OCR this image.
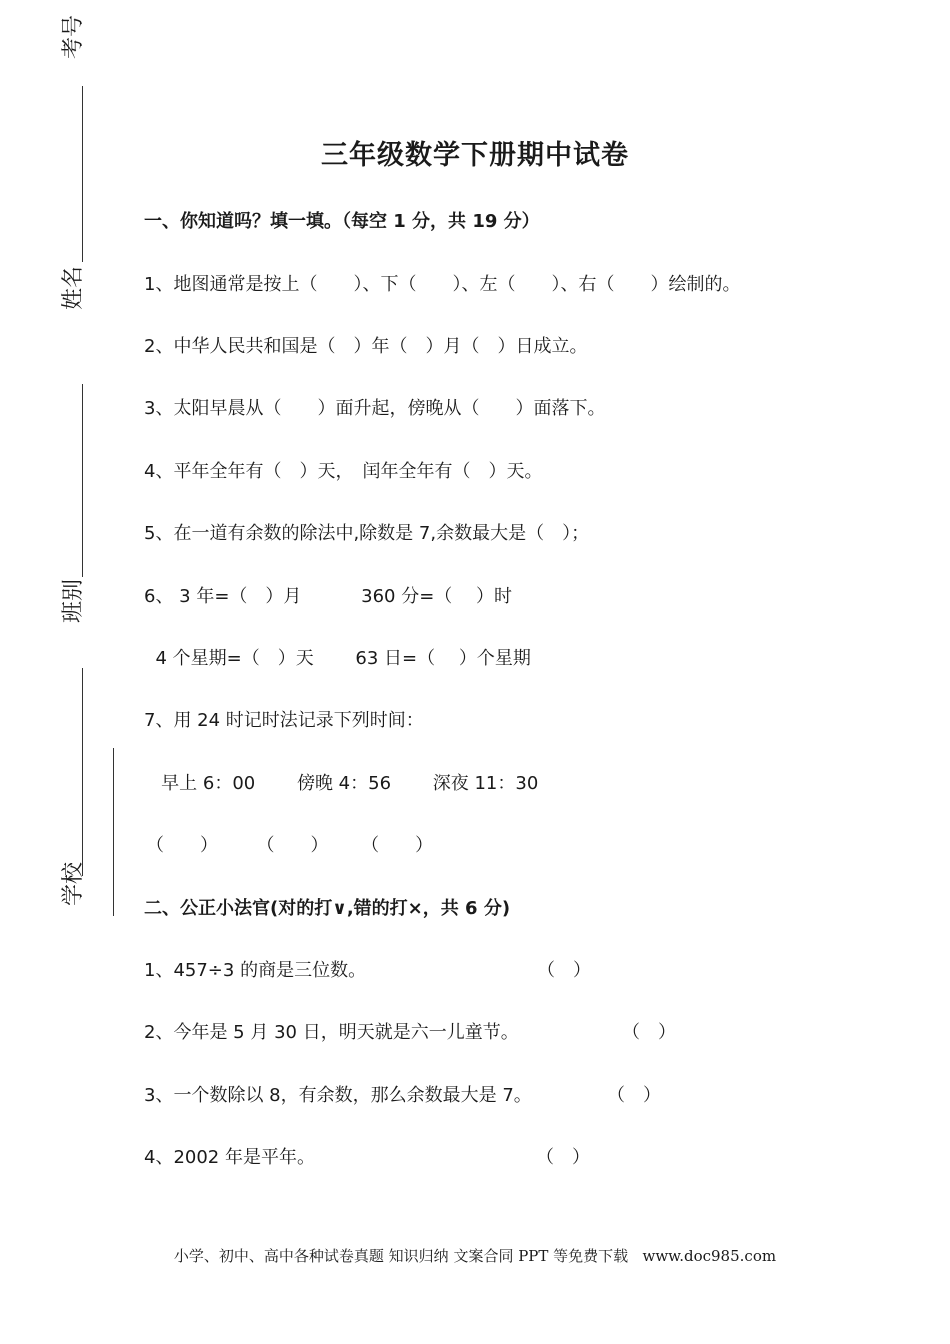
考号
姓名
班别
学校
三年级数学下册期中试卷
一、你知道吗？填一填。（每空 1 分，共 19 分）
1、地图通常是按上（　　）、下（　　）、左（　　）、右（　　）绘制的。
2、中华人民共和国是（　）年（　）月（　）日成立。
3、太阳早晨从（　　）面升起，傍晚从（　　）面落下。
4、平年全年有（　）天，　闰年全年有（　）天。
5、在一道有余数的除法中,除数是 7,余数最大是（　）；
6、 3 年=（　）月　　　 360 分=（　 ）时
4 个星期=（　）天　　 63 日=（　 ）个星期
7、用 24 时记时法记录下列时间：
早上 6：00　　 傍晚 4：56　　 深夜 11：30
（　　）　　  （　　）　　 （　　）
二、公正小法官(对的打∨,错的打×，共 6 分)
1、457÷3 的商是三位数。	（　）
2、今年是 5 月 30 日，明天就是六一儿童节。	（　）
3、一个数除以 8，有余数，那么余数最大是 7。	（　）
4、2002 年是平年。	（　）
小学、初中、高中各种试卷真题 知识归纳 文案合同 PPT 等免费下载   www.doc985.com
